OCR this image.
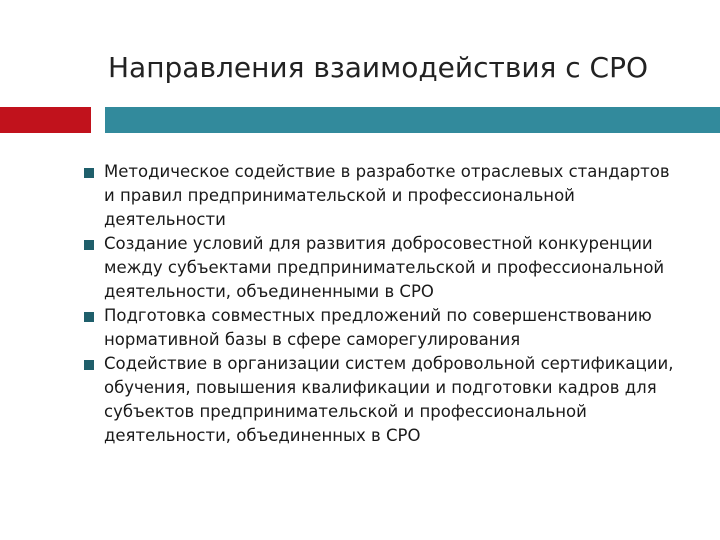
Направления взаимодействия с СРО
Методическое содействие в разработке отраслевых стандартов и правил предпринимательской и профессиональной деятельности
Создание условий для развития добросовестной конкуренции между субъектами предпринимательской и профессиональной деятельности, объединенными в СРО
Подготовка совместных предложений по совершенствованию нормативной базы в сфере саморегулирования
Содействие в организации систем добровольной сертификации, обучения, повышения квалификации и подготовки кадров для субъектов предпринимательской и профессиональной деятельности, объединенных в СРО
